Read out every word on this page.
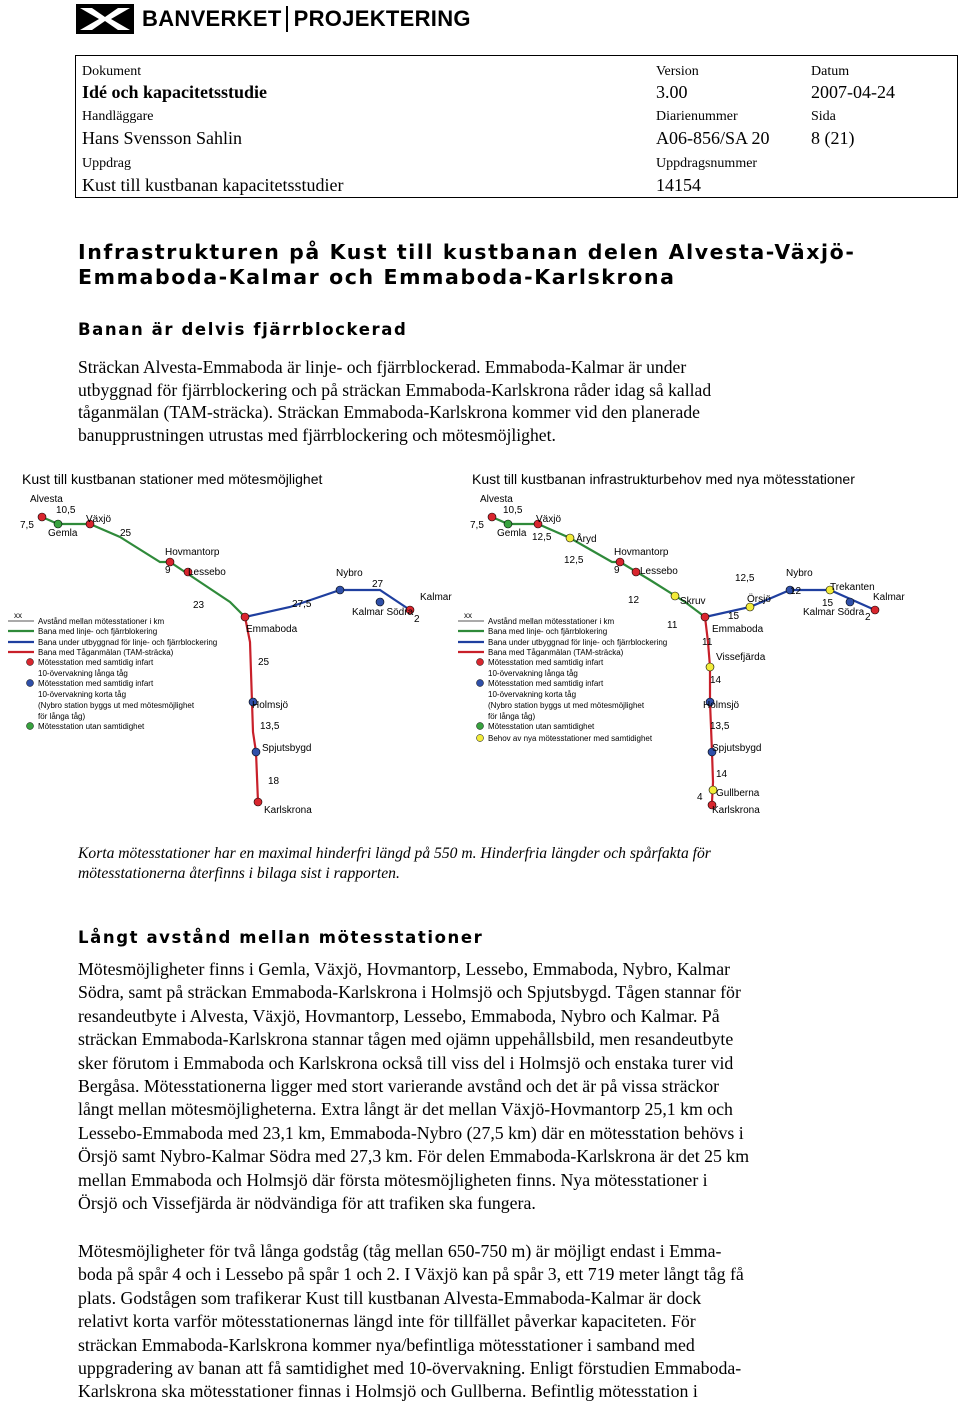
BANVERKET PROJEKTERING
Dokument
Idé och kapacitetsstudie
Version
3.00
Datum
2007-04-24
Handläggare
Hans Svensson Sahlin
Diarienummer
A06-856/SA 20
Sida
8 (21)
Uppdrag
Kust till kustbanan kapacitetsstudier
Uppdragsnummer
14154
Infrastrukturen på Kust till kustbanan delen Alvesta-Växjö-
Emmaboda-Kalmar och Emmaboda-Karlskrona
Banan är delvis fjärrblockerad
Sträckan Alvesta-Emmaboda är linje- och fjärrblockerad. Emmaboda-Kalmar är under
utbyggnad för fjärrblockering och på sträckan Emmaboda-Karlskrona råder idag så kallad
tåganmälan (TAM-sträcka). Sträckan Emmaboda-Karlskrona kommer vid den planerade
banupprustningen utrustas med fjärrblockering och mötesmöjlighet.
Kust till kustbanan stationer med mötesmöjlighet
Alvesta
Gemla
Växjö
Hovmantorp
Lessebo
Emmaboda
Nybro
Kalmar Södra
Kalmar
Holmsjö
Spjutsbygd
Karlskrona
7,5
10,5
25
9
23	27,5
27
2
25
13,5
18
xx
Avstånd mellan mötesstationer i km
Bana med linje- och fjärrblokering
Bana under utbyggnad för linje- och fjärrblockering
Bana med Tåganmälan (TAM-sträcka)
Mötesstation med samtidig infart
10-övervakning långa tåg
Mötesstation med samtidig infart
10-övervakning korta tåg
(Nybro station byggs ut med mötesmöjlighet
för långa tåg)
Mötesstation utan samtidighet
Kust till kustbanan infrastrukturbehov med nya mötesstationer
Alvesta
Gemla
Växjö
Åryd
Hovmantorp
Lessebo
Skruv
Emmaboda
Örsjö
Nybro
Trekanten
Kalmar Södra
Kalmar
Vissefjärda
Holmsjö
Spjutsbygd
Gullberna
Karlskrona
7,5
10,5
12,5
12,5
9
12
11
15
12,5
12
15
2
11
14
13,5
14
4
xx
Avstånd mellan mötesstationer i km
Bana med linje- och fjärrblokering
Bana under utbyggnad för linje- och fjärrblockering
Bana med Tåganmälan (TAM-sträcka)
Mötesstation med samtidig infart
10-övervakning långa tåg
Mötesstation med samtidig infart
10-övervakning korta tåg
(Nybro station byggs ut med mötesmöjlighet
för långa tåg)
Mötesstation utan samtidighet
Behov av nya mötesstationer med samtidighet
Korta mötesstationer har en maximal hinderfri längd på 550 m. Hinderfria längder och spårfakta för
mötesstationerna återfinns i bilaga sist i rapporten.
Långt avstånd mellan mötesstationer
Mötesmöjligheter finns i Gemla, Växjö, Hovmantorp, Lessebo, Emmaboda, Nybro, Kalmar
Södra, samt på sträckan Emmaboda-Karlskrona i Holmsjö och Spjutsbygd. Tågen stannar för
resandeutbyte i Alvesta, Växjö, Hovmantorp, Lessebo, Emmaboda, Nybro och Kalmar. På
sträckan Emmaboda-Karlskrona stannar tågen med ojämn uppehållsbild, men resandeutbyte
sker förutom i Emmaboda och Karlskrona också till viss del i Holmsjö och enstaka turer vid
Bergåsa. Mötesstationerna ligger med stort varierande avstånd och det är på vissa sträckor
långt mellan mötesmöjligheterna. Extra långt är det mellan Växjö-Hovmantorp 25,1 km och
Lessebo-Emmaboda med 23,1 km, Emmaboda-Nybro (27,5 km) där en mötesstation behövs i
Örsjö samt Nybro-Kalmar Södra med 27,3 km. För delen Emmaboda-Karlskrona är det 25 km
mellan Emmaboda och Holmsjö där första mötesmöjligheten finns. Nya mötesstationer i
Örsjö och Vissefjärda är nödvändiga för att trafiken ska fungera.
Mötesmöjligheter för två långa godståg (tåg mellan 650-750 m) är möjligt endast i Emma-
boda på spår 4 och i Lessebo på spår 1 och 2. I Växjö kan på spår 3, ett 719 meter långt tåg få
plats. Godstågen som trafikerar Kust till kustbanan Alvesta-Emmaboda-Kalmar är dock
relativt korta varför mötesstationernas längd inte för tillfället påverkar kapaciteten. För
sträckan Emmaboda-Karlskrona kommer nya/befintliga mötesstationer i samband med
uppgradering av banan att få samtidighet med 10-övervakning. Enligt förstudien Emmaboda-
Karlskrona ska mötesstationer finnas i Holmsjö och Gullberna. Befintlig mötesstation i
